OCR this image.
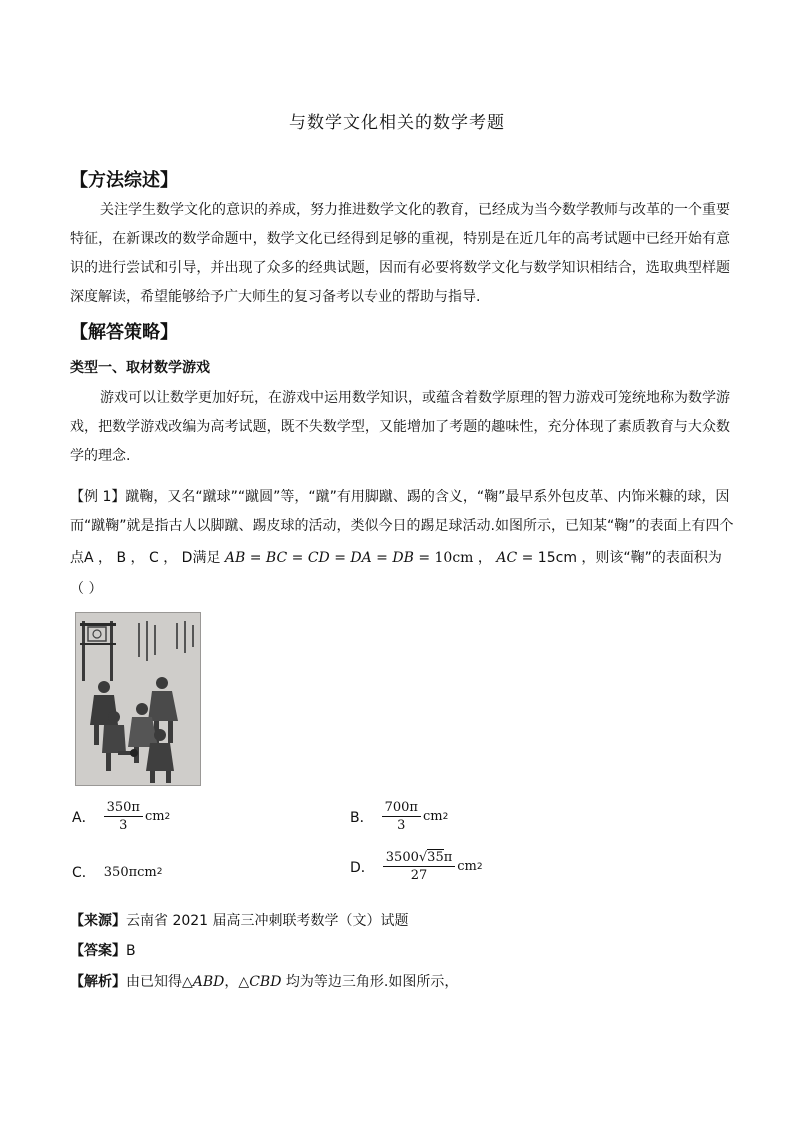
与数学文化相关的数学考题
【方法综述】
关注学生数学文化的意识的养成，努力推进数学文化的教育，已经成为当今数学教师与改革的一个重要特征，在新课改的数学命题中，数学文化已经得到足够的重视，特别是在近几年的高考试题中已经开始有意识的进行尝试和引导，并出现了众多的经典试题，因而有必要将数学文化与数学知识相结合，选取典型样题深度解读，希望能够给予广大师生的复习备考以专业的帮助与指导.
【解答策略】
类型一、取材数学游戏
游戏可以让数学更加好玩，在游戏中运用数学知识，或蕴含着数学原理的智力游戏可笼统地称为数学游戏，把数学游戏改编为高考试题，既不失数学型，又能增加了考题的趣味性，充分体现了素质教育与大众数学的理念.
【例 1】蹴鞠，又名“蹴球”“蹴圆”等，“蹴”有用脚蹴、踢的含义，“鞠”最早系外包皮革、内饰米糠的球，因
而“蹴鞠”就是指古人以脚蹴、踢皮球的活动，类似今日的踢足球活动.如图所示，已知某“鞠”的表面上有四个
点A ， B ， C ， D满足 AB = BC = CD = DA = DB = 10cm ， AC = 15cm ，则该“鞠”的表面积为
（ ）
A． $\frac{350\pi}{3}$ cm 2	B． $\frac{700\pi}{3}$ cm 2
C． 350πcm 2	D． $\frac{3500√35\pi}{27}$ cm 2
【来源】云南省 2021 届高三冲刺联考数学（文）试题
【答案】B
【解析】由已知得△ABD，△CBD 均为等边三角形.如图所示，
